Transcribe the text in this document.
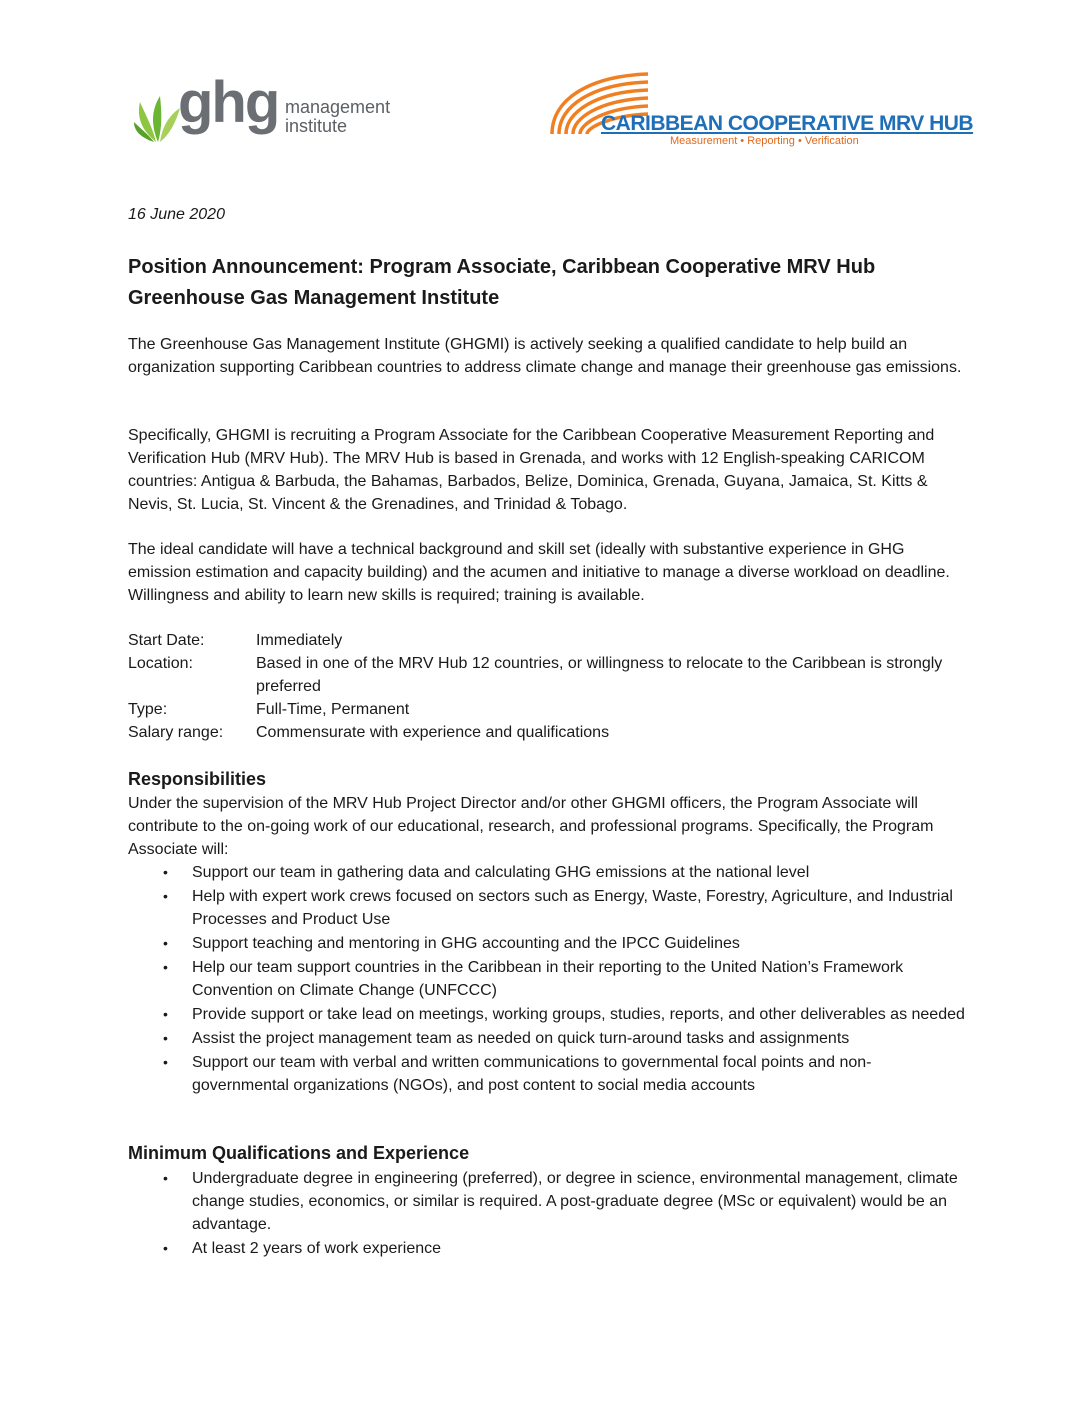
ghg management
institute	CARIBBEAN COOPERATIVE MRV HUB
Measurement • Reporting • Verification
16 June 2020
Position Announcement: Program Associate, Caribbean Cooperative MRV Hub
Greenhouse Gas Management Institute
The Greenhouse Gas Management Institute (GHGMI) is actively seeking a qualified candidate to help build an organization supporting Caribbean countries to address climate change and manage their greenhouse gas emissions.
Specifically, GHGMI is recruiting a Program Associate for the Caribbean Cooperative Measurement Reporting and Verification Hub (MRV Hub). The MRV Hub is based in Grenada, and works with 12 English-speaking CARICOM countries: Antigua & Barbuda, the Bahamas, Barbados, Belize, Dominica, Grenada, Guyana, Jamaica, St. Kitts & Nevis, St. Lucia, St. Vincent & the Grenadines, and Trinidad & Tobago.
The ideal candidate will have a technical background and skill set (ideally with substantive experience in GHG emission estimation and capacity building) and the acumen and initiative to manage a diverse workload on deadline. Willingness and ability to learn new skills is required; training is available.
Start Date:	Immediately
Location:	Based in one of the MRV Hub 12 countries, or willingness to relocate to the Caribbean is strongly preferred
Type:	Full-Time, Permanent
Salary range:	Commensurate with experience and qualifications
Responsibilities
Under the supervision of the MRV Hub Project Director and/or other GHGMI officers, the Program Associate will contribute to the on-going work of our educational, research, and professional programs. Specifically, the Program Associate will:
• Support our team in gathering data and calculating GHG emissions at the national level
• Help with expert work crews focused on sectors such as Energy, Waste, Forestry, Agriculture, and Industrial Processes and Product Use
• Support teaching and mentoring in GHG accounting and the IPCC Guidelines
• Help our team support countries in the Caribbean in their reporting to the United Nation’s Framework Convention on Climate Change (UNFCCC)
• Provide support or take lead on meetings, working groups, studies, reports, and other deliverables as needed
• Assist the project management team as needed on quick turn-around tasks and assignments
• Support our team with verbal and written communications to governmental focal points and non-governmental organizations (NGOs), and post content to social media accounts
Minimum Qualifications and Experience
• Undergraduate degree in engineering (preferred), or degree in science, environmental management, climate change studies, economics, or similar is required. A post-graduate degree (MSc or equivalent) would be an advantage.
• At least 2 years of work experience
